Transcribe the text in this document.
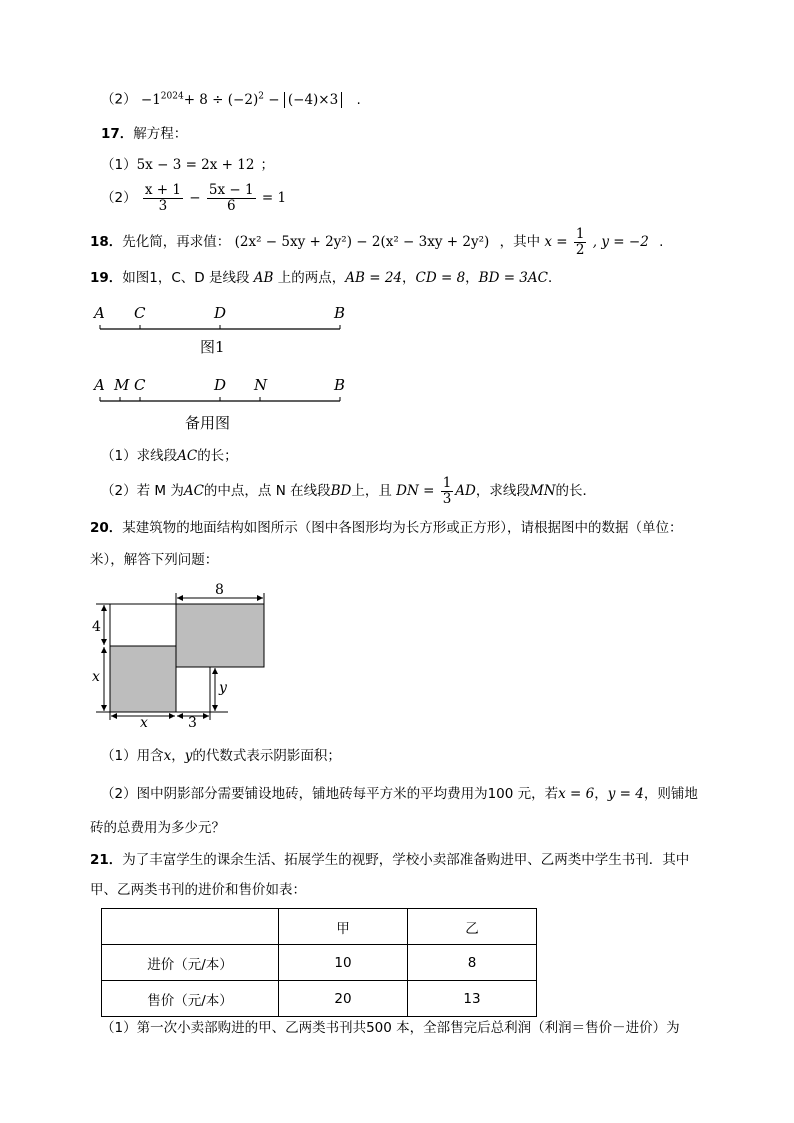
$(2) -1^{2024}+ 8 \div (-2)^2 - (-4)\times 3$ .
17．解方程：
（1）5x − 3 = 2x + 12 ；
$(2) \frac{x + 1}{3} - \frac{5x - 1}{6} = 1$
18．先化简，再求值： (2x² − 5xy + 2y²) − 2(x² − 3xy + 2y²) ，其中 $x = \frac{1}{2}$ , y = −2 .
19．如图1，C、D 是线段 AB 上的两点，AB = 24，CD = 8，BD = 3AC．
A C	D	B
图1
A M C	D N	B
备用图
（1）求线段AC的长；
（2）若 M 为AC的中点，点 N 在线段BD上，且 DN = $\frac{1}{3}$ AD，求线段MN的长．
20．某建筑物的地面结构如图所示（图中各图形均为长方形或正方形），请根据图中的数据（单位：
米），解答下列问题：
8
4
x
x	3
y
（1）用含x，y的代数式表示阴影面积；
（2）图中阴影部分需要铺设地砖，铺地砖每平方米的平均费用为100 元，若x = 6，y = 4，则铺地
砖的总费用为多少元？
21．为了丰富学生的课余生活、拓展学生的视野，学校小卖部准备购进甲、乙两类中学生书刊．其中
甲、乙两类书刊的进价和售价如表：
	甲	乙
进价（元/本）	10	8
售价（元/本）	20	13
（1）第一次小卖部购进的甲、乙两类书刊共500 本，全部售完后总利润（利润＝售价－进价）为
